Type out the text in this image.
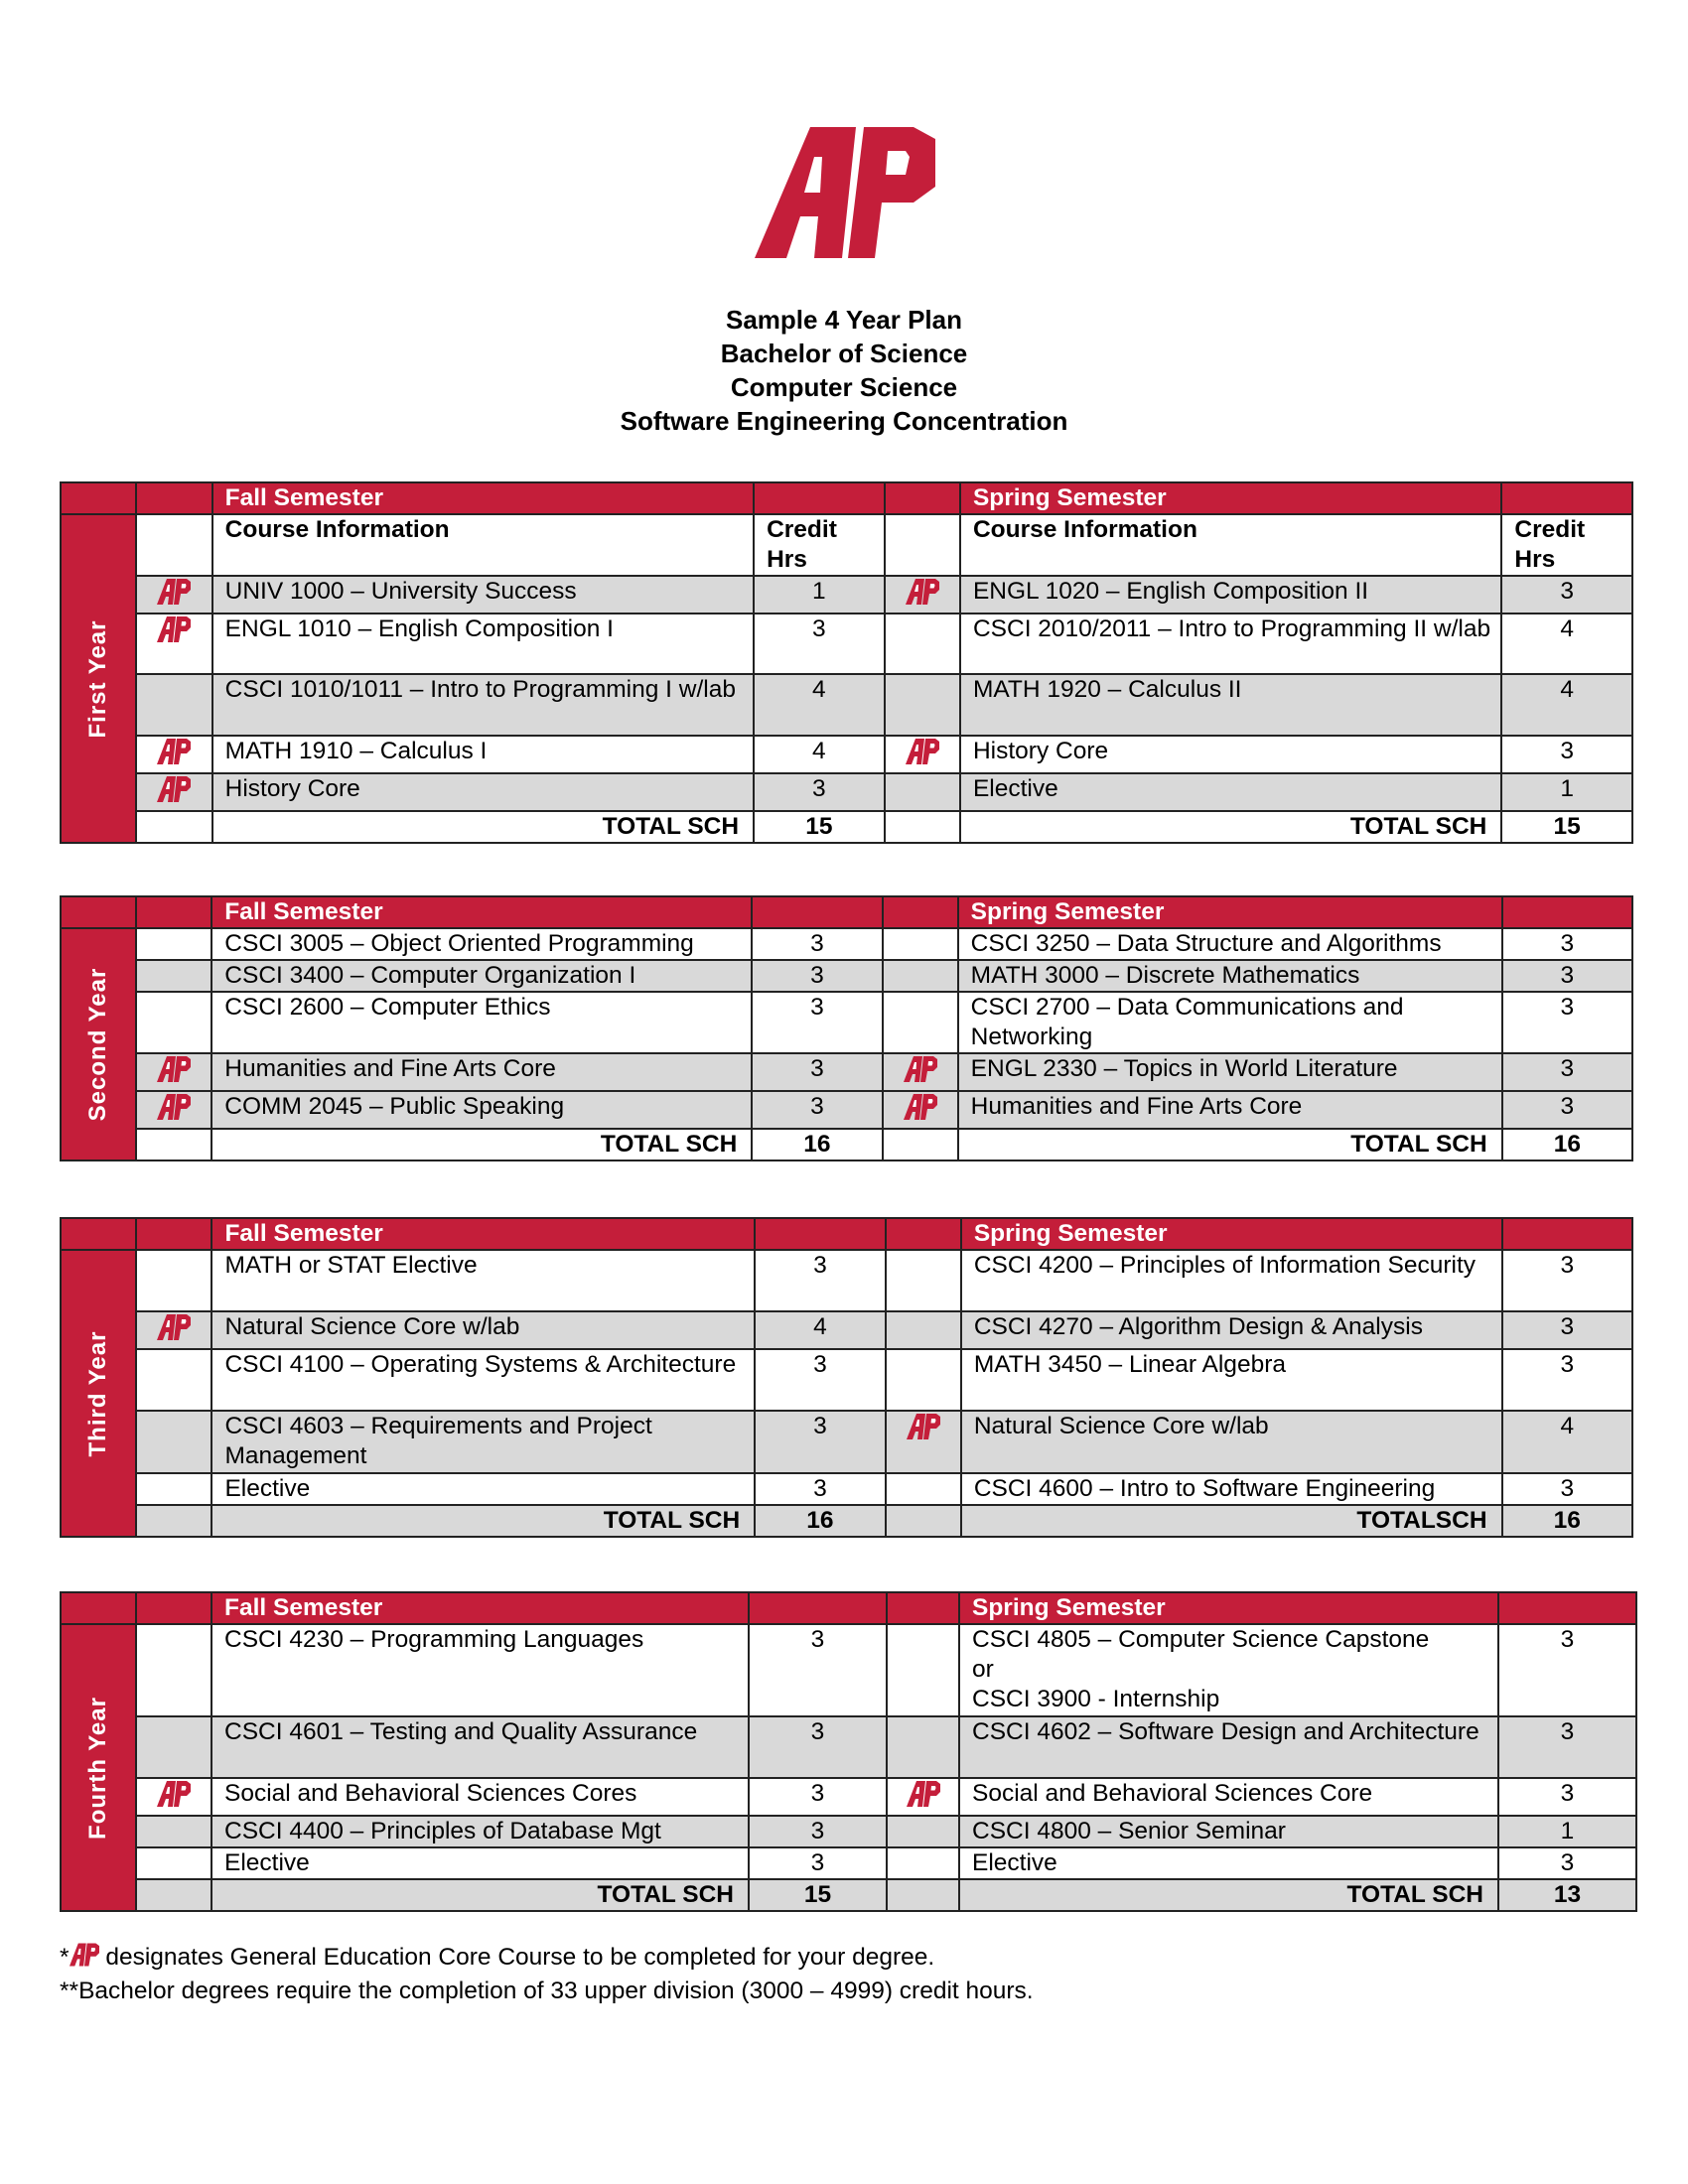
Sample 4 Year Plan
Bachelor of Science
Computer Science
Software Engineering Concentration
		Fall Semester			Spring Semester	

First Year		Course Information	Credit Hrs		Course Information	Credit Hrs
	UNIV 1000 – University Success	1		ENGL 1020 – English Composition II	3
	ENGL 1010 – English Composition I	3		CSCI 2010/2011 – Intro to Programming II w/lab	4
		CSCI 1010/1011 – Intro to Programming I w/lab	4		MATH 1920 – Calculus II	4
	MATH 1910 – Calculus I	4		History Core	3
	History Core	3		Elective	1
		TOTAL SCH	15		TOTAL SCH	15
		Fall Semester			Spring Semester	

Second Year		CSCI 3005 – Object Oriented Programming	3		CSCI 3250 – Data Structure and Algorithms	3
		CSCI 3400 – Computer Organization I	3		MATH 3000 – Discrete Mathematics	3
		CSCI 2600 – Computer Ethics	3		CSCI 2700 – Data Communications and Networking	3
	Humanities and Fine Arts Core	3		ENGL 2330 – Topics in World Literature	3
	COMM 2045 – Public Speaking	3		Humanities and Fine Arts Core	3
		TOTAL SCH	16		TOTAL SCH	16
		Fall Semester			Spring Semester	

Third Year		MATH or STAT Elective	3		CSCI 4200 – Principles of Information Security	3
	Natural Science Core w/lab	4		CSCI 4270 – Algorithm Design & Analysis	3
		CSCI 4100 – Operating Systems & Architecture	3		MATH 3450 – Linear Algebra	3
		CSCI 4603 – Requirements and Project Management	3		Natural Science Core w/lab	4
		Elective	3		CSCI 4600 – Intro to Software Engineering	3
		TOTAL SCH	16		TOTALSCH	16
		Fall Semester			Spring Semester	

Fourth Year		CSCI 4230 – Programming Languages	3		CSCI 4805 – Computer Science Capstone
or
CSCI 3900 - Internship	3
		CSCI 4601 – Testing and Quality Assurance	3		CSCI 4602 – Software Design and Architecture	3
	Social and Behavioral Sciences Cores	3		Social and Behavioral Sciences Core	3
		CSCI 4400 – Principles of Database Mgt	3		CSCI 4800 – Senior Seminar	1
		Elective	3		Elective	3
		TOTAL SCH	15		TOTAL SCH	13
* designates General Education Core Course to be completed for your degree.
**Bachelor degrees require the completion of 33 upper division (3000 – 4999) credit hours.
